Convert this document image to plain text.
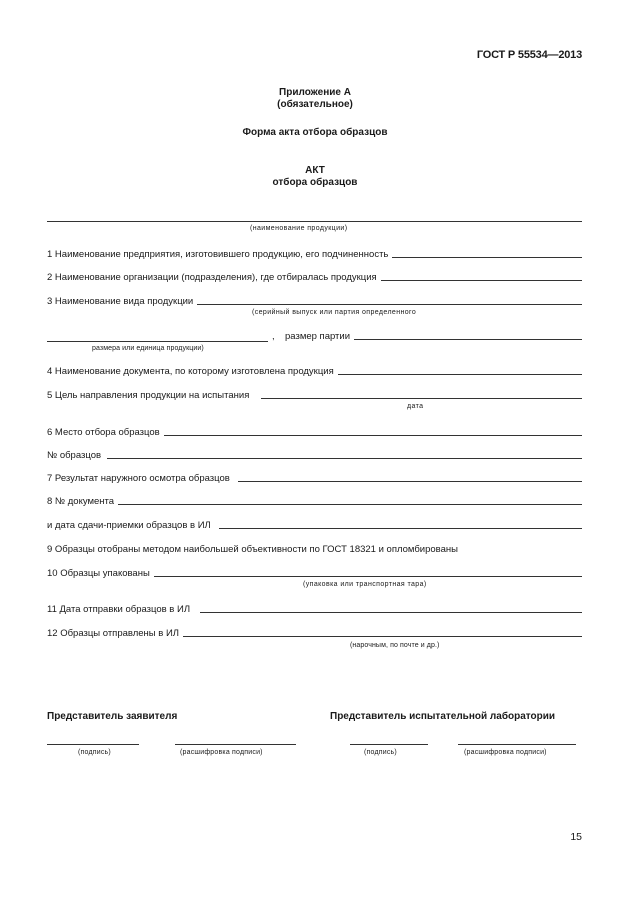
ГОСТ Р 55534—2013
Приложение А
(обязательное)
Форма акта отбора образцов
АКТ
отбора образцов
(наименование продукции)
1 Наименование предприятия, изготовившего продукцию, его подчиненность
2 Наименование организации (подразделения), где отбиралась продукция
3 Наименование вида продукции
(серийный выпуск или партия определенного
, размер партии
размера или единица продукции)
4 Наименование документа, по которому изготовлена продукция
5 Цель направления продукции на испытания
дата
6 Место отбора образцов
№ образцов
7 Результат наружного осмотра образцов
8 № документа
и дата сдачи-приемки образцов в ИЛ
9 Образцы отобраны методом наибольшей объективности по ГОСТ 18321 и опломбированы
10 Образцы упакованы
(упаковка или транспортная тара)
11 Дата отправки образцов в ИЛ
12 Образцы отправлены в ИЛ
(нарочным, по почте и др.)
Представитель заявителя	Представитель испытательной лаборатории
(подпись)	(расшифровка подписи)	(подпись)	(расшифровка подписи)
15
